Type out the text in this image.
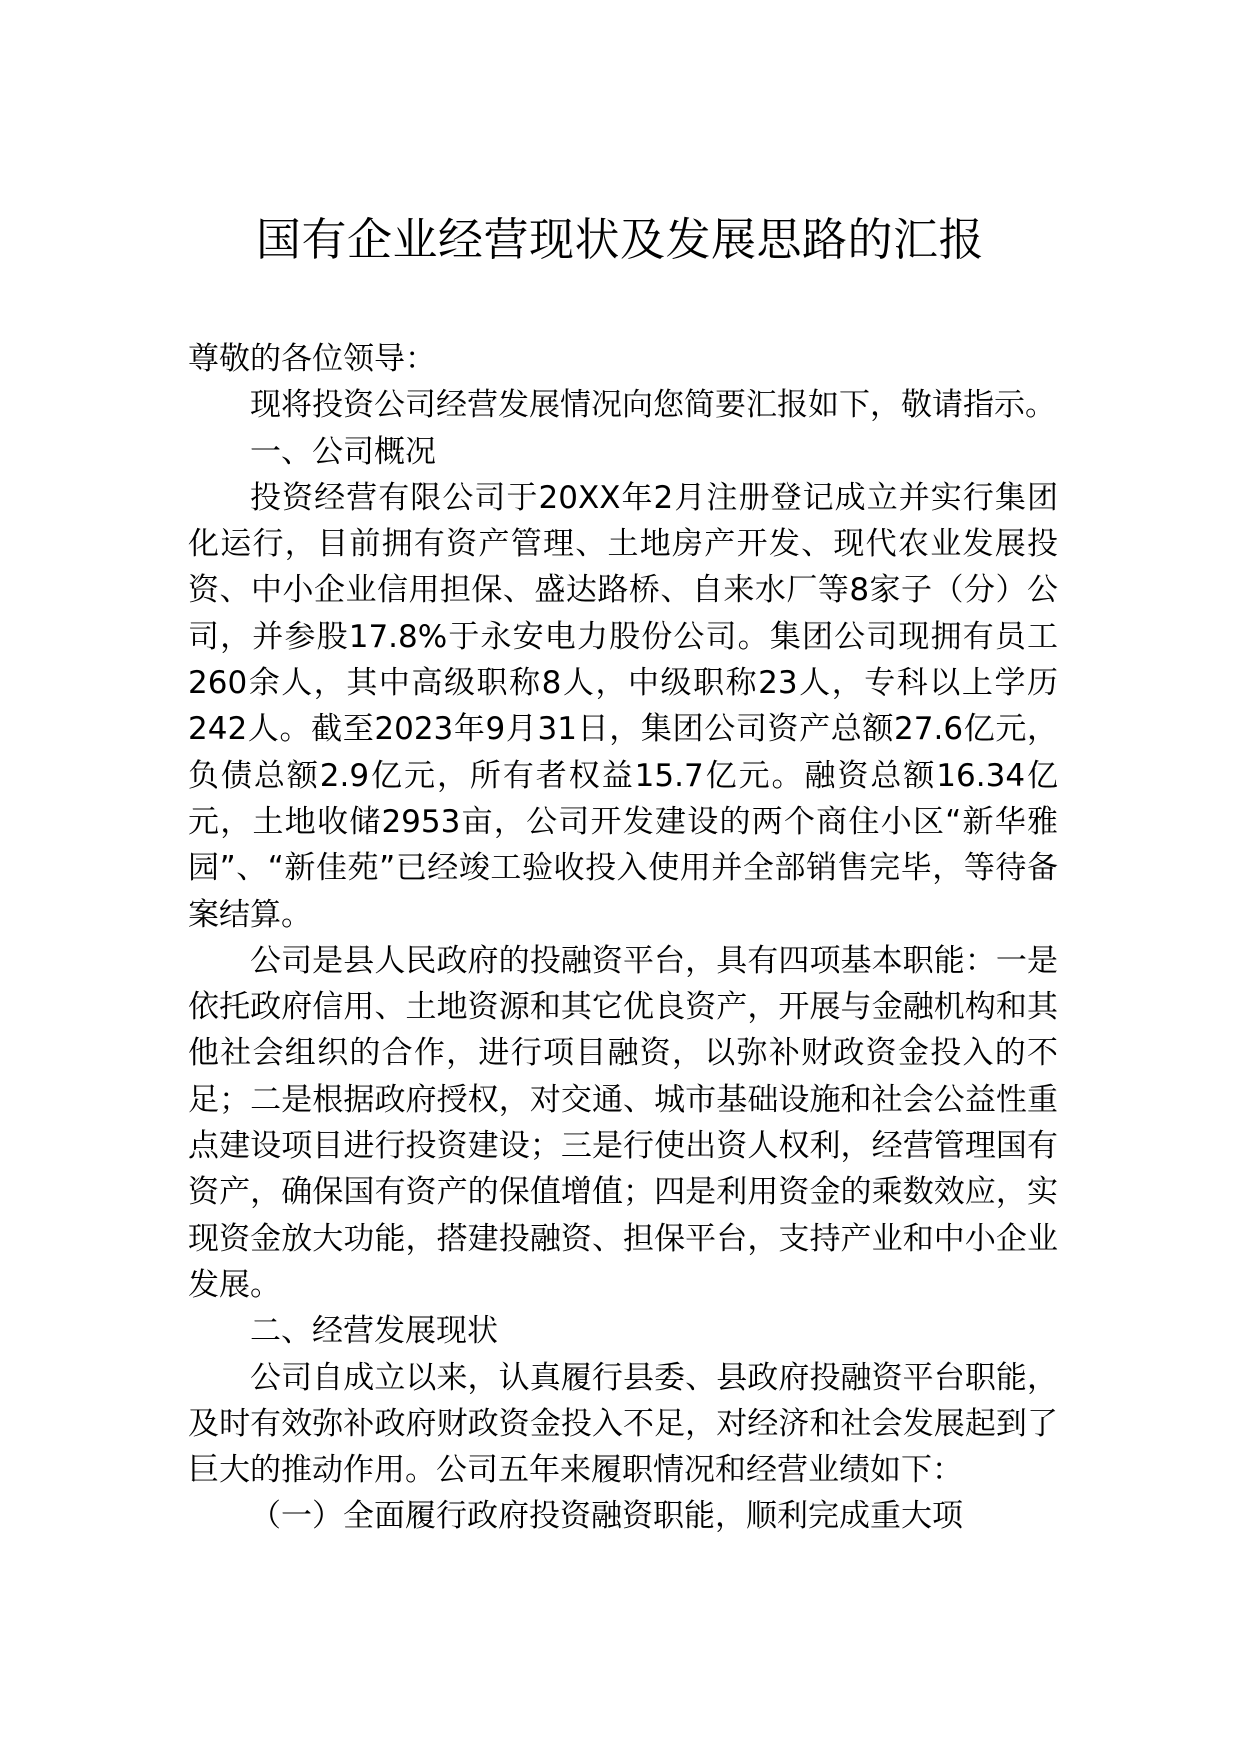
国有企业经营现状及发展思路的汇报

尊敬的各位领导：

现将投资公司经营发展情况向您简要汇报如下，敬请指示。

一、公司概况

投资经营有限公司于20XX年2月注册登记成立并实行集团化运行，目前拥有资产管理、土地房产开发、现代农业发展投资、中小企业信用担保、盛达路桥、自来水厂等8家子（分）公司，并参股17.8%于永安电力股份公司。集团公司现拥有员工260余人，其中高级职称8人，中级职称23人，专科以上学历242人。截至2023年9月31日，集团公司资产总额27.6亿元，负债总额2.9亿元，所有者权益15.7亿元。融资总额16.34亿元，土地收储2953亩，公司开发建设的两个商住小区“新华雅园”、“新佳苑”已经竣工验收投入使用并全部销售完毕，等待备案结算。

公司是县人民政府的投融资平台，具有四项基本职能：一是依托政府信用、土地资源和其它优良资产，开展与金融机构和其他社会组织的合作，进行项目融资，以弥补财政资金投入的不足；二是根据政府授权，对交通、城市基础设施和社会公益性重点建设项目进行投资建设；三是行使出资人权利，经营管理国有资产，确保国有资产的保值增值；四是利用资金的乘数效应，实现资金放大功能，搭建投融资、担保平台，支持产业和中小企业发展。

二、经营发展现状

公司自成立以来，认真履行县委、县政府投融资平台职能，及时有效弥补政府财政资金投入不足，对经济和社会发展起到了巨大的推动作用。公司五年来履职情况和经营业绩如下：

（一）全面履行政府投资融资职能，顺利完成重大项
